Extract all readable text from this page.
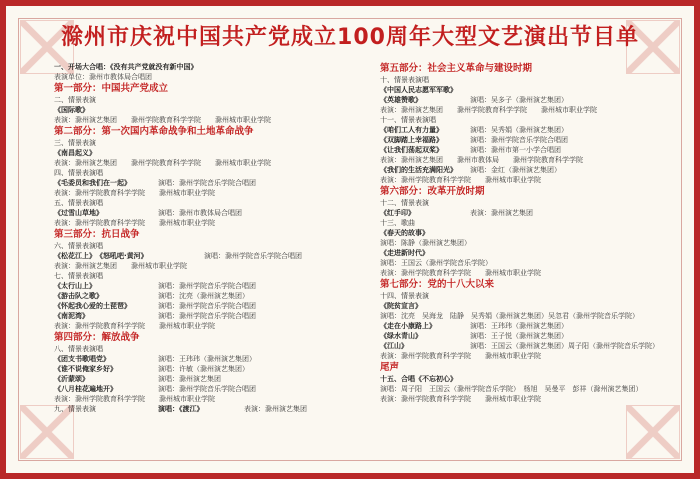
滁州市庆祝中国共产党成立100周年大型文艺演出节目单
一、开场大合唱：《没有共产党就没有新中国》
表演单位：滁州市教体局合唱团
第一部分：中国共产党成立
二、情景表演
《国际歌》
表演：滁州演艺集团　　滁州学院教育科学学院　　滁州城市职业学院
第二部分：第一次国内革命战争和土地革命战争
三、情景表演
《南昌起义》
表演：滁州演艺集团　　滁州学院教育科学学院　　滁州城市职业学院
四、情景表演唱
《毛委员和我们在一起》	演唱：滁州学院音乐学院合唱团
表演：滁州学院教育科学学院　　滁州城市职业学院
五、情景表演唱
《过雪山草地》	演唱：滁州市教体局合唱团
表演：滁州学院教育科学学院　　滁州城市职业学院
第三部分：抗日战争
六、情景表演唱
《松花江上》　《怒吼吧·黄河》	演唱：滁州学院音乐学院合唱团
表演：滁州演艺集团　　滁州城市职业学院
七、情景表演唱
《太行山上》	演唱：滁州学院音乐学院合唱团
《游击队之歌》	演唱：沈亮（滁州演艺集团）
《怀起我心爱的土琵琶》	演唱：滁州学院音乐学院合唱团
《南泥湾》	演唱：滁州学院音乐学院合唱团
表演：滁州学院教育科学学院　　滁州城市职业学院
第四部分：解放战争
八、情景表演唱
《团支书歌唱党》	演唱：王玮玮（滁州演艺集团）
《谁不说俺家乡好》	演唱：许敏（滁州演艺集团）
《沂蒙颂》	演唱：滁州演艺集团
《八月桂花遍地开》	演唱：滁州学院音乐学院合唱团
表演：滁州学院教育科学学院　　滁州城市职业学院
九、情景表演	演唱：《渡江》	表演：滁州演艺集团
第五部分：社会主义革命与建设时期
十、情景表演唱
《中国人民志愿军军歌》
《英雄赞歌》	演唱：吴多子（滁州演艺集团）
表演：滁州演艺集团　　滁州学院教育科学学院　　滁州城市职业学院
十一、情景表演唱
《咱们工人有力量》	演唱：吴秀娟（滁州演艺集团）
《双脚踏上幸福路》	演唱：滁州学院音乐学院合唱团
《让我们荡起双桨》	演唱：滁州市第一小学合唱团
表演：滁州演艺集团　　滁州市教体局　　滁州学院教育科学学院
《我们的生活充满阳光》 演唱：金红（滁州演艺集团）
表演：滁州学院教育科学学院　　滁州城市职业学院
第六部分：改革开放时期
十二、情景表演
《红手印》	表演：滁州演艺集团
十三、歌曲
《春天的故事》
演唱：陈静（滁州演艺集团）
《走进新时代》
演唱：王国云（滁州学院音乐学院）
表演：滁州学院教育科学学院　　滁州城市职业学院
第七部分：党的十八大以来
十四、情景表演
《院贫宣言》
演唱：沈亮　吴海龙　陆静　吴秀娟（滁州演艺集团）吴忽君（滁州学院音乐学院）
《走在小康路上》	演唱：王玮玮（滁州演艺集团）
《绿水青山》	演唱：王子悦（滁州演艺集团）
《江山》	演唱：王国云（滁州演艺集团）周子阳（滁州学院音乐学院）
表演：滁州学院教育科学学院　　滁州城市职业学院
尾声
十五、合唱《不忘初心》
演唱：周子阳　王国云（滁州学院音乐学院）　杨旭　吴曼平　彭祥（滁州演艺集团）
表演：滁州学院教育科学学院　　滁州城市职业学院
